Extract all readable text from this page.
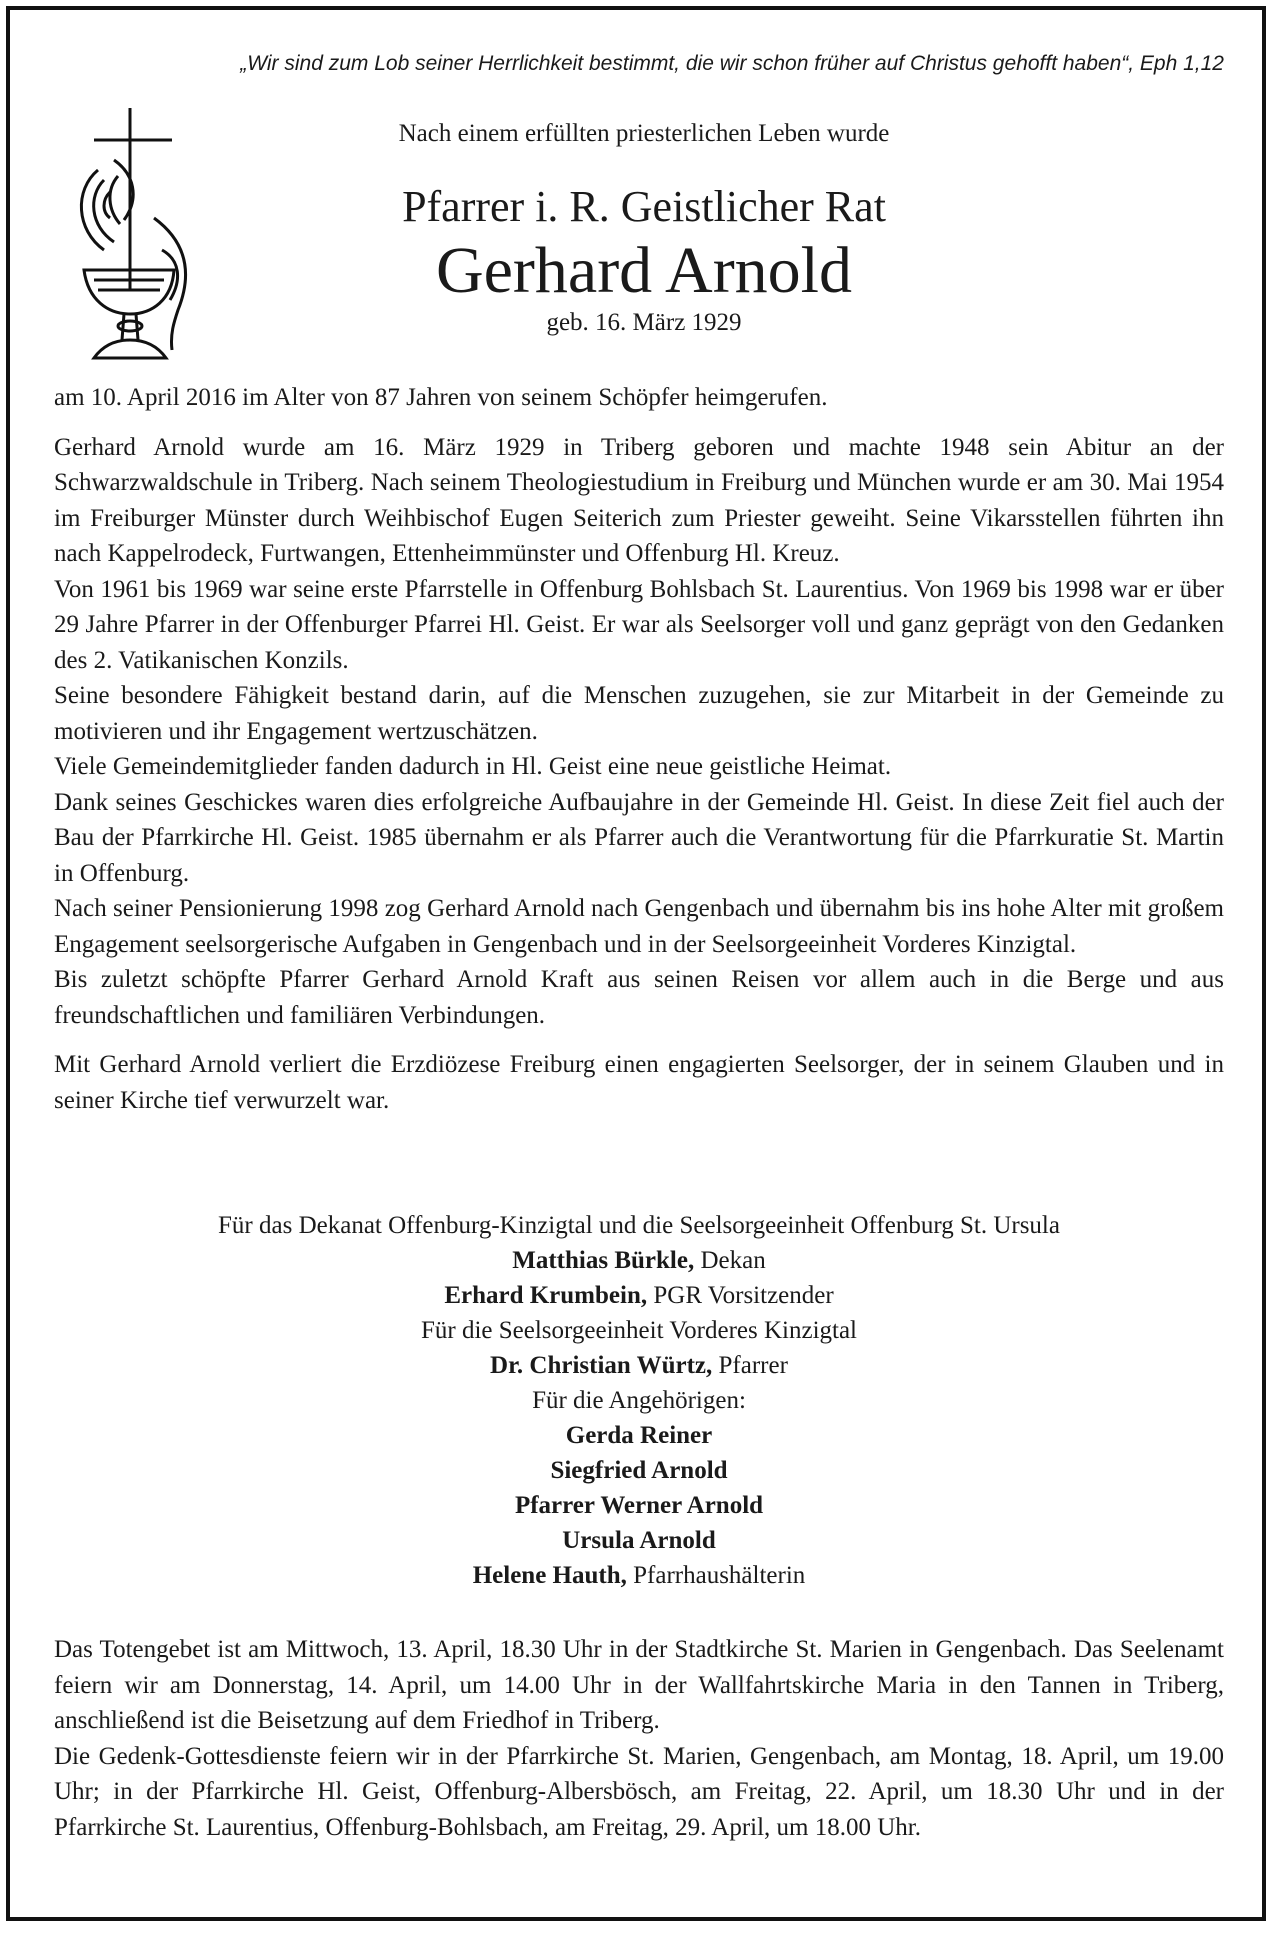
„Wir sind zum Lob seiner Herrlichkeit bestimmt, die wir schon früher auf Christus gehofft haben“, Eph 1,12

Nach einem erfüllten priesterlichen Leben wurde

Pfarrer i. R. Geistlicher Rat
Gerhard Arnold
geb. 16. März 1929

am 10. April 2016 im Alter von 87 Jahren von seinem Schöpfer heimgerufen.

Gerhard Arnold wurde am 16. März 1929 in Triberg geboren und machte 1948 sein Abitur an der Schwarzwaldschule in Triberg. Nach seinem Theologiestudium in Freiburg und München wurde er am 30. Mai 1954 im Freiburger Münster durch Weihbischof Eugen Seiterich zum Priester geweiht. Seine Vikarsstellen führten ihn nach Kappelrodeck, Furtwangen, Ettenheimmünster und Offenburg Hl. Kreuz.

Von 1961 bis 1969 war seine erste Pfarrstelle in Offenburg Bohlsbach St. Laurentius. Von 1969 bis 1998 war er über 29 Jahre Pfarrer in der Offenburger Pfarrei Hl. Geist. Er war als Seelsorger voll und ganz geprägt von den Gedanken des 2. Vatikanischen Konzils.

Seine besondere Fähigkeit bestand darin, auf die Menschen zuzugehen, sie zur Mitarbeit in der Gemeinde zu motivieren und ihr Engagement wertzuschätzen.

Viele Gemeindemitglieder fanden dadurch in Hl. Geist eine neue geistliche Heimat.

Dank seines Geschickes waren dies erfolgreiche Aufbaujahre in der Gemeinde Hl. Geist. In diese Zeit fiel auch der Bau der Pfarrkirche Hl. Geist. 1985 übernahm er als Pfarrer auch die Verantwortung für die Pfarrkuratie St. Martin in Offenburg.

Nach seiner Pensionierung 1998 zog Gerhard Arnold nach Gengenbach und übernahm bis ins hohe Alter mit großem Engagement seelsorgerische Aufgaben in Gengenbach und in der Seelsorgeeinheit Vorderes Kinzigtal.

Bis zuletzt schöpfte Pfarrer Gerhard Arnold Kraft aus seinen Reisen vor allem auch in die Berge und aus freundschaftlichen und familiären Verbindungen.

Mit Gerhard Arnold verliert die Erzdiözese Freiburg einen engagierten Seelsorger, der in seinem Glauben und in seiner Kirche tief verwurzelt war.

Für das Dekanat Offenburg-Kinzigtal und die Seelsorgeeinheit Offenburg St. Ursula

Matthias Bürkle, Dekan

Erhard Krumbein, PGR Vorsitzender

Für die Seelsorgeeinheit Vorderes Kinzigtal

Dr. Christian Würtz, Pfarrer

Für die Angehörigen:

Gerda Reiner

Siegfried Arnold

Pfarrer Werner Arnold

Ursula Arnold

Helene Hauth, Pfarrhaushälterin

Das Totengebet ist am Mittwoch, 13. April, 18.30 Uhr in der Stadtkirche St. Marien in Gengenbach. Das Seelenamt feiern wir am Donnerstag, 14. April, um 14.00 Uhr in der Wallfahrtskirche Maria in den Tannen in Triberg, anschließend ist die Beisetzung auf dem Friedhof in Triberg.

Die Gedenk-Gottesdienste feiern wir in der Pfarrkirche St. Marien, Gengenbach, am Montag, 18. April, um 19.00 Uhr; in der Pfarrkirche Hl. Geist, Offenburg-Albersbösch, am Freitag, 22. April, um 18.30 Uhr und in der Pfarrkirche St. Laurentius, Offenburg-Bohlsbach, am Freitag, 29. April, um 18.00 Uhr.
